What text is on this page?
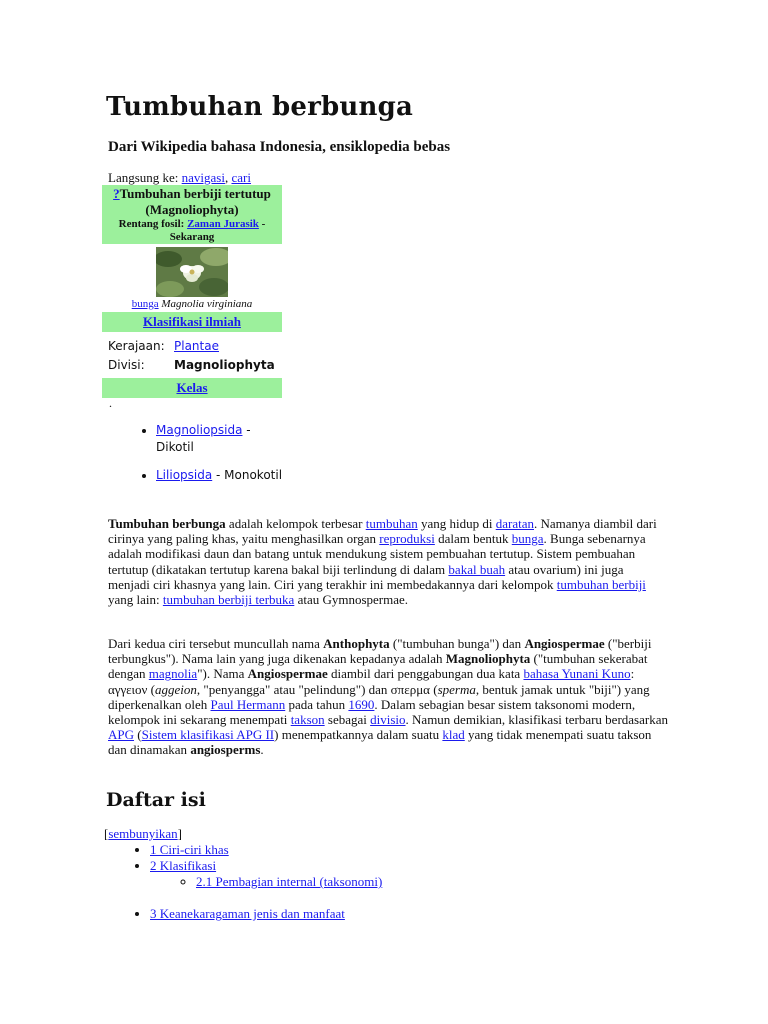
Tumbuhan berbunga

Dari Wikipedia bahasa Indonesia, ensiklopedia bebas

Langsung ke: navigasi, cari

?Tumbuhan berbiji tertutup (Magnoliophyta)
Rentang fosil: Zaman Jurasik - Sekarang
bunga Magnolia virginiana
Klasifikasi ilmiah
Kerajaan: Plantae
Divisi:	Magnoliophyta
Kelas
.
• Magnoliopsida - Dikotil
• Liliopsida - Monokotil

Tumbuhan berbunga adalah kelompok terbesar tumbuhan yang hidup di daratan. Namanya diambil dari cirinya yang paling khas, yaitu menghasilkan organ reproduksi dalam bentuk bunga. Bunga sebenarnya adalah modifikasi daun dan batang untuk mendukung sistem pembuahan tertutup. Sistem pembuahan tertutup (dikatakan tertutup karena bakal biji terlindung di dalam bakal buah atau ovarium) ini juga menjadi ciri khasnya yang lain. Ciri yang terakhir ini membedakannya dari kelompok tumbuhan berbiji yang lain: tumbuhan berbiji terbuka atau Gymnospermae.

Dari kedua ciri tersebut muncullah nama Anthophyta ("tumbuhan bunga") dan Angiospermae ("berbiji terbungkus"). Nama lain yang juga dikenakan kepadanya adalah Magnoliophyta ("tumbuhan sekerabat dengan magnolia"). Nama Angiospermae diambil dari penggabungan dua kata bahasa Yunani Kuno: αγγειον (aggeion, "penyangga" atau "pelindung") dan σπερμα (sperma, bentuk jamak untuk "biji") yang diperkenalkan oleh Paul Hermann pada tahun 1690. Dalam sebagian besar sistem taksonomi modern, kelompok ini sekarang menempati takson sebagai divisio. Namun demikian, klasifikasi terbaru berdasarkan APG (Sistem klasifikasi APG II) menempatkannya dalam suatu klad yang tidak menempati suatu takson dan dinamakan angiosperms.

Daftar isi
[sembunyikan]
• 1 Ciri-ciri khas
• 2 Klasifikasi
◦ 2.1 Pembagian internal (taksonomi)
• 3 Keanekaragaman jenis dan manfaat
